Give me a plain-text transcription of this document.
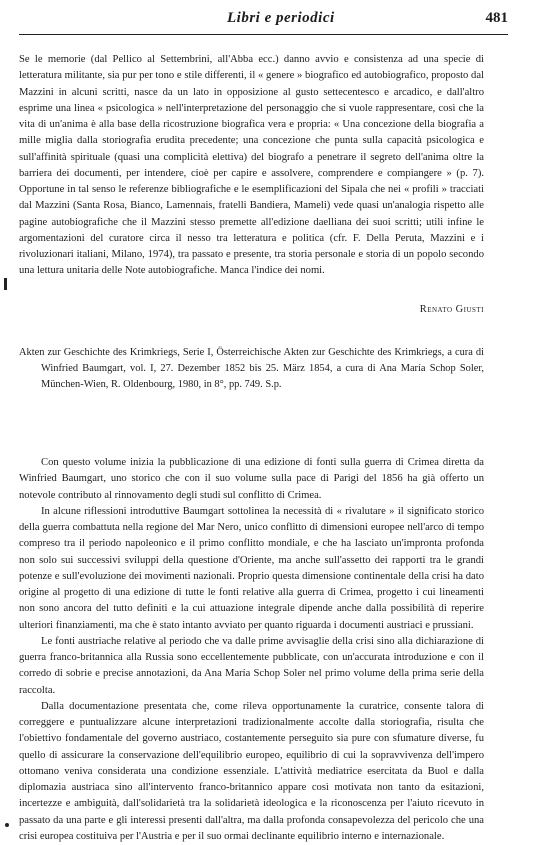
Libri e periodici	481

Se le memorie (dal Pellico al Settembrini, all'Abba ecc.) danno avvio e consistenza ad una specie di letteratura militante, sia pur per tono e stile differenti, il « genere » biografico ed autobiografico, proposto dal Mazzini in alcuni scritti, nasce da un lato in opposizione al gusto settecentesco e arcadico, e dall'altro esprime una linea « psicologica » nell'interpretazione del personaggio che si vuole rappresentare, così che la vita di un'anima è alla base della ricostruzione biografica vera e propria: « Una concezione della biografia a mille miglia dalla storiografia erudita precedente; una concezione che punta sulla capacità psicologica e sull'affinità spirituale (quasi una complicità elettiva) del biografo a penetrare il segreto dell'anima oltre la barriera dei documenti, per intendere, cioè per capire e assolvere, comprendere e compiangere » (p. 7). Opportune in tal senso le referenze bibliografiche e le esemplificazioni del Sipala che nei « profili » tracciati dal Mazzini (Santa Rosa, Bianco, Lamennais, fratelli Bandiera, Mameli) vede quasi un'analogia rispetto alle pagine autobiografiche che il Mazzini stesso premette all'edizione daelliana dei suoi scritti; utili infine le argomentazioni del curatore circa il nesso tra letteratura e politica (cfr. F. Della Peruta, Mazzini e i rivoluzionari italiani, Milano, 1974), tra passato e presente, tra storia personale e storia di un popolo secondo una lettura unitaria delle Note autobiografiche. Manca l'indice dei nomi.

Renato Giusti

Akten zur Geschichte des Krimkriegs, Serie I, Österreichische Akten zur Geschichte des Krimkriegs, a cura di Winfried Baumgart, vol. I, 27. Dezember 1852 bis 25. März 1854, a cura di Ana María Schop Soler, München-Wien, R. Oldenbourg, 1980, in 8°, pp. 749. S.p.

Con questo volume inizia la pubblicazione di una edizione di fonti sulla guerra di Crimea diretta da Winfried Baumgart, uno storico che con il suo volume sulla pace di Parigi del 1856 ha già offerto un notevole contributo al rinnovamento degli studi sul conflitto di Crimea.

In alcune riflessioni introduttive Baumgart sottolinea la necessità di « rivalutare » il significato storico della guerra combattuta nella regione del Mar Nero, unico conflitto di dimensioni europee nell'arco di tempo compreso tra il periodo napoleonico e il primo conflitto mondiale, e che ha lasciato un'impronta profonda non solo sui successivi sviluppi della questione d'Oriente, ma anche sull'assetto dei rapporti tra le grandi potenze e sull'evoluzione dei movimenti nazionali. Proprio questa dimensione continentale della crisi ha dato origine al progetto di una edizione di tutte le fonti relative alla guerra di Crimea, progetto i cui lineamenti non sono ancora del tutto definiti e la cui attuazione integrale dipende anche dalla possibilità di reperire ulteriori finanziamenti, ma che è stato intanto avviato per quanto riguarda i documenti austriaci e prussiani.

Le fonti austriache relative al periodo che va dalle prime avvisaglie della crisi sino alla dichiarazione di guerra franco-britannica alla Russia sono eccellentemente pubblicate, con un'accurata introduzione e con il corredo di sobrie e precise annotazioni, da Ana María Schop Soler nel primo volume della prima serie della raccolta.

Dalla documentazione presentata che, come rileva opportunamente la curatrice, consente talora di correggere e puntualizzare alcune interpretazioni tradizionalmente accolte dalla storiografia, risulta che l'obiettivo fondamentale del governo austriaco, costantemente perseguito sia pure con sfumature diverse, fu quello di assicurare la conservazione dell'equilibrio europeo, equilibrio di cui la sopravvivenza dell'impero ottomano veniva considerata una condizione essenziale. L'attività mediatrice esercitata da Buol e dalla diplomazia austriaca sino all'intervento franco-britannico appare così motivata non tanto da esitazioni, incertezze e ambiguità, dall'solidarietà tra la solidarietà ideologica e la riconoscenza per l'aiuto ricevuto in passato da una parte e gli interessi presenti dall'altra, ma dalla profonda consapevolezza del pericolo che una crisi europea costituiva per l'Austria e per il suo ormai declinante equilibrio interno e internazionale.
